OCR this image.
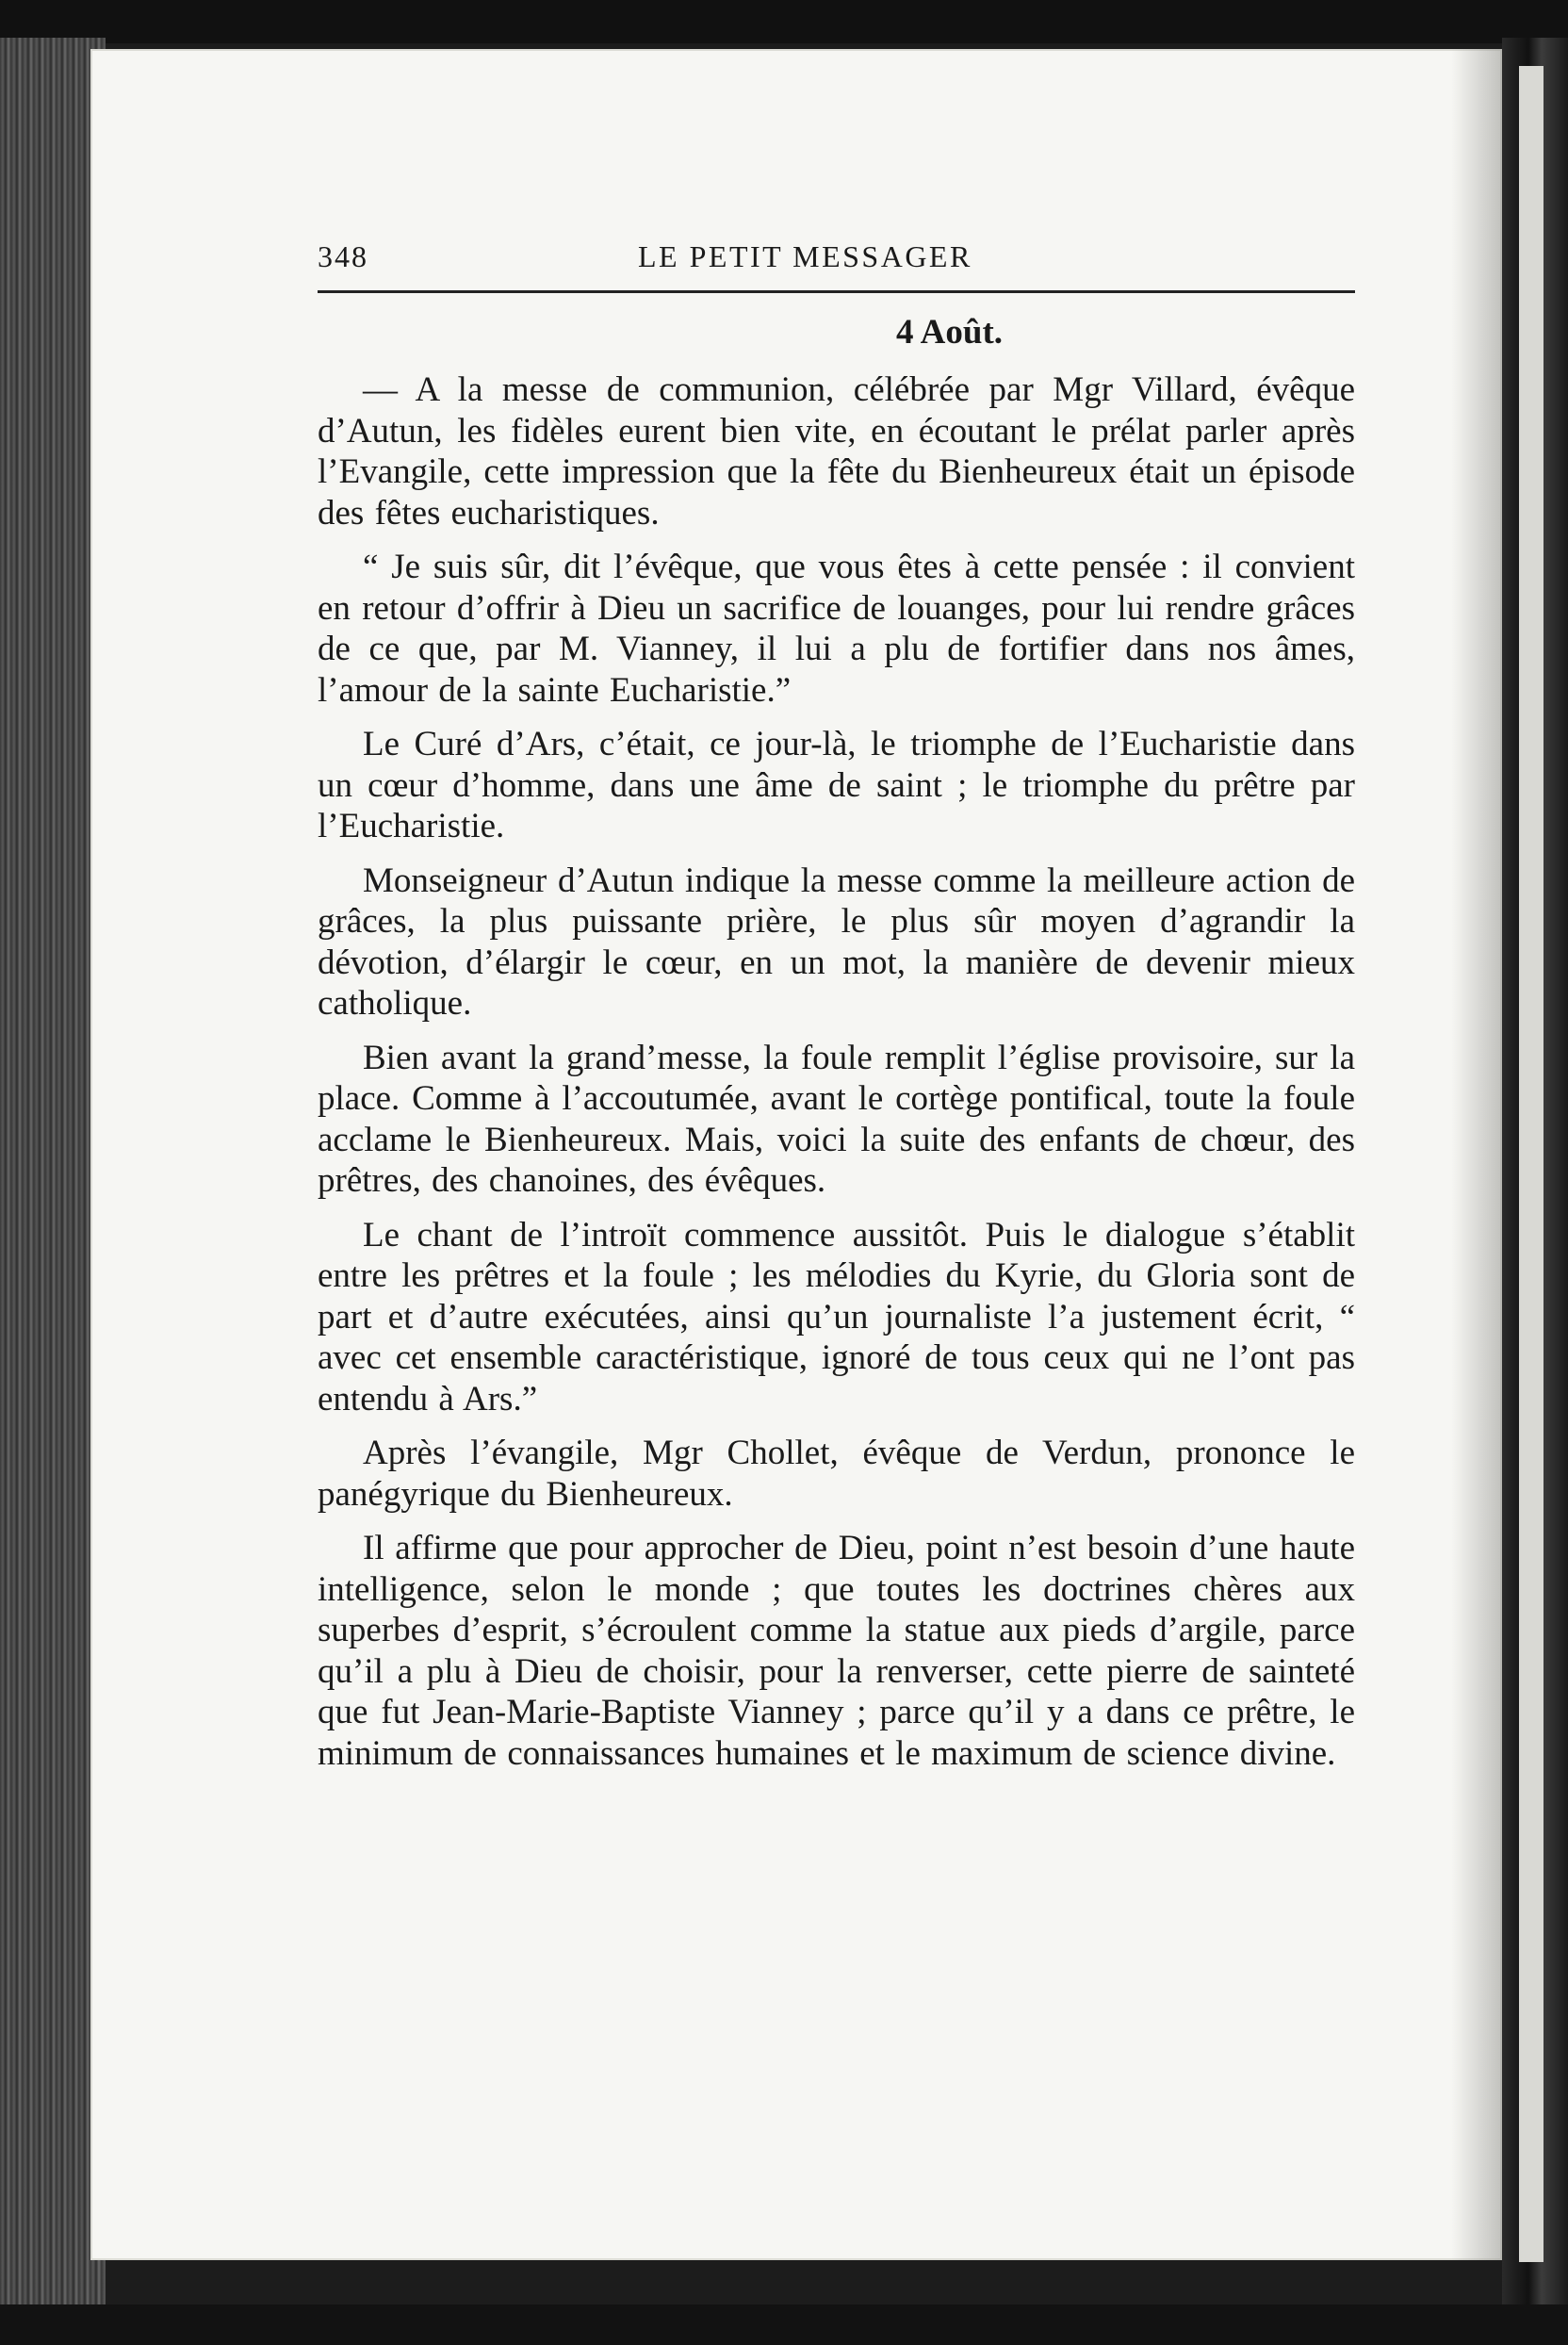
348	LE PETIT MESSAGER
4 Août.

— A la messe de communion, célébrée par Mgr Villard, évêque d’Autun, les fidèles eurent bien vite, en écoutant le prélat parler après l’Evangile, cette impression que la fête du Bienheureux était un épisode des fêtes eucharistiques.

“ Je suis sûr, dit l’évêque, que vous êtes à cette pensée : il convient en retour d’offrir à Dieu un sacrifice de louanges, pour lui rendre grâces de ce que, par M. Vianney, il lui a plu de fortifier dans nos âmes, l’amour de la sainte Eucharistie.”

Le Curé d’Ars, c’était, ce jour-là, le triomphe de l’Eucharistie dans un cœur d’homme, dans une âme de saint ; le triomphe du prêtre par l’Eucharistie.

Monseigneur d’Autun indique la messe comme la meilleure action de grâces, la plus puissante prière, le plus sûr moyen d’agrandir la dévotion, d’élargir le cœur, en un mot, la manière de devenir mieux catholique.

Bien avant la grand’messe, la foule remplit l’église provisoire, sur la place. Comme à l’accoutumée, avant le cortège pontifical, toute la foule acclame le Bienheureux. Mais, voici la suite des enfants de chœur, des prêtres, des chanoines, des évêques.

Le chant de l’introït commence aussitôt. Puis le dialogue s’établit entre les prêtres et la foule ; les mélodies du Kyrie, du Gloria sont de part et d’autre exécutées, ainsi qu’un journaliste l’a justement écrit, “ avec cet ensemble caractéristique, ignoré de tous ceux qui ne l’ont pas entendu à Ars.”

Après l’évangile, Mgr Chollet, évêque de Verdun, prononce le panégyrique du Bienheureux.

Il affirme que pour approcher de Dieu, point n’est besoin d’une haute intelligence, selon le monde ; que toutes les doctrines chères aux superbes d’esprit, s’écroulent comme la statue aux pieds d’argile, parce qu’il a plu à Dieu de choisir, pour la renverser, cette pierre de sainteté que fut Jean-Marie-Baptiste Vianney ; parce qu’il y a dans ce prêtre, le minimum de connaissances humaines et le maximum de science divine.
